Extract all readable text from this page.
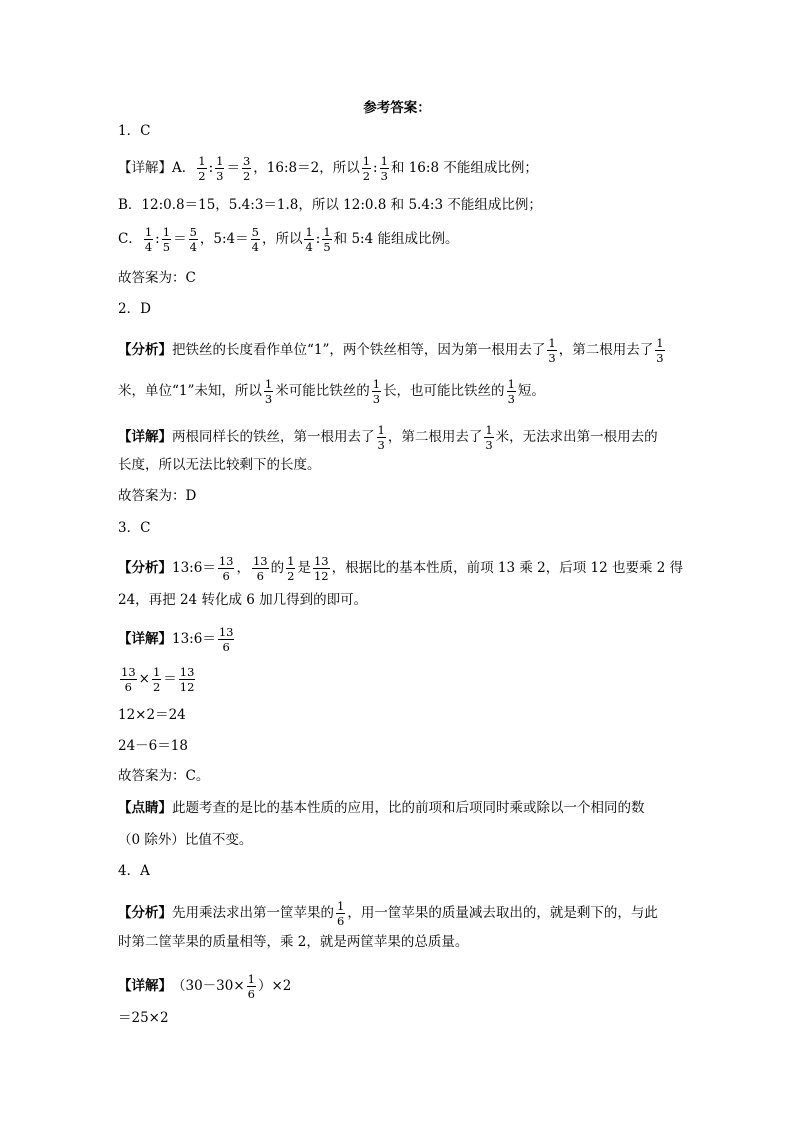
参考答案：
1．C
【详解】A． $\frac{1}{2}$ : $\frac{1}{3} = \frac{3}{2}$ ，16:8＝2，所以 $\frac{1}{2}$ : $\frac{1}{3}$ 和 16:8 不能组成比例；
B．12:0.8＝15，5.4:3＝1.8，所以 12:0.8 和 5.4:3 不能组成比例；
C． $\frac{1}{4}$ : $\frac{1}{5} = \frac{5}{4}$ ，5:4＝ $\frac{5}{4}$ ，所以 $\frac{1}{4}$ : $\frac{1}{5}$ 和 5:4 能组成比例。
故答案为：C
2．D
【分析】 把铁丝的长度看作单位“1”，两个铁丝相等，因为第一根用去了 $\frac{1}{3}$ ，第二根用去了 $\frac{1}{3}$
米，单位“1”未知，所以 $\frac{1}{3}$ 米可能比铁丝的 $\frac{1}{3}$ 长，也可能比铁丝的 $\frac{1}{3}$ 短。
【详解】 两根同样长的铁丝，第一根用去了 $\frac{1}{3}$ ，第二根用去了 $\frac{1}{3}$ 米，无法求出第一根用去的
长度，所以无法比较剩下的长度。
故答案为：D
3．C
【分析】 13:6＝ $\frac{13}{6}$ ， $\frac{13}{6}$ 的 $\frac{1}{2}$ 是 $\frac{13}{12}$ ，根据比的基本性质，前项 13 乘 2，后项 12 也要乘 2 得
24，再把 24 转化成 6 加几得到的即可。
【详解】 13:6＝ $\frac{13}{6}$
$\frac{13}{6} \times \frac{1}{2} = \frac{13}{12}$
12×2＝24
24－6＝18
故答案为：C。
【点睛】 此题考查的是比的基本性质的应用，比的前项和后项同时乘或除以一个相同的数
（0 除外）比值不变。
4．A
【分析】 先用乘法求出第一筐苹果的 $\frac{1}{6}$ ，用一筐苹果的质量减去取出的，就是剩下的，与此
时第二筐苹果的质量相等，乘 2，就是两筐苹果的总质量。
【详解】 $(30-30\times \frac{1}{6} )\times 2$
＝25×2
